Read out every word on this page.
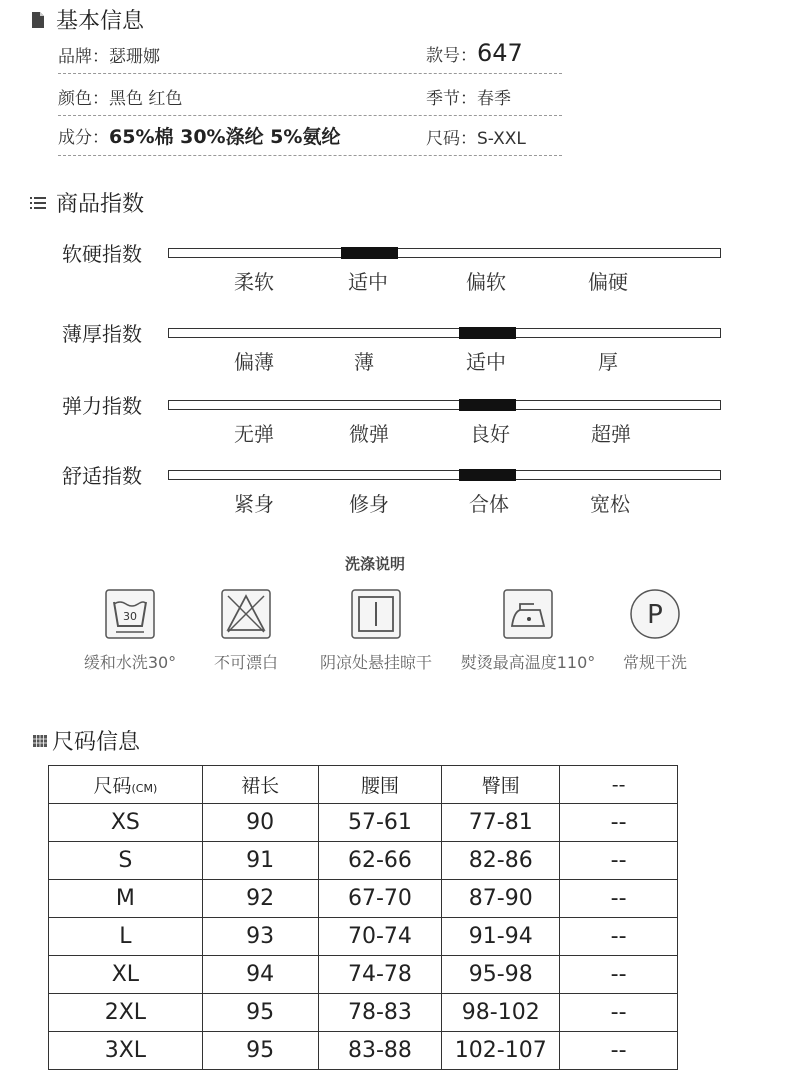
基本信息
品牌：瑟珊娜	款号：647
颜色：黑色 红色	季节：春季
成分：65%棉 30%涤纶 5%氨纶	尺码：S-XXL
商品指数
软硬指数
柔软	适中	偏软	偏硬
薄厚指数
偏薄	薄	适中	厚
弹力指数
无弹	微弹	良好	超弹
舒适指数
紧身	修身	合体	宽松
洗涤说明
30
缓和水洗30°	不可漂白	阴凉处悬挂晾干	熨烫最高温度110°
P
常规干洗
尺码信息
尺码(CM)	裙长	腰围	臀围	--
XS	90	57-61	77-81	--
S	91	62-66	82-86	--
M	92	67-70	87-90	--
L	93	70-74	91-94	--
XL	94	74-78	95-98	--
2XL	95	78-83	98-102	--
3XL	95	83-88	102-107	--
